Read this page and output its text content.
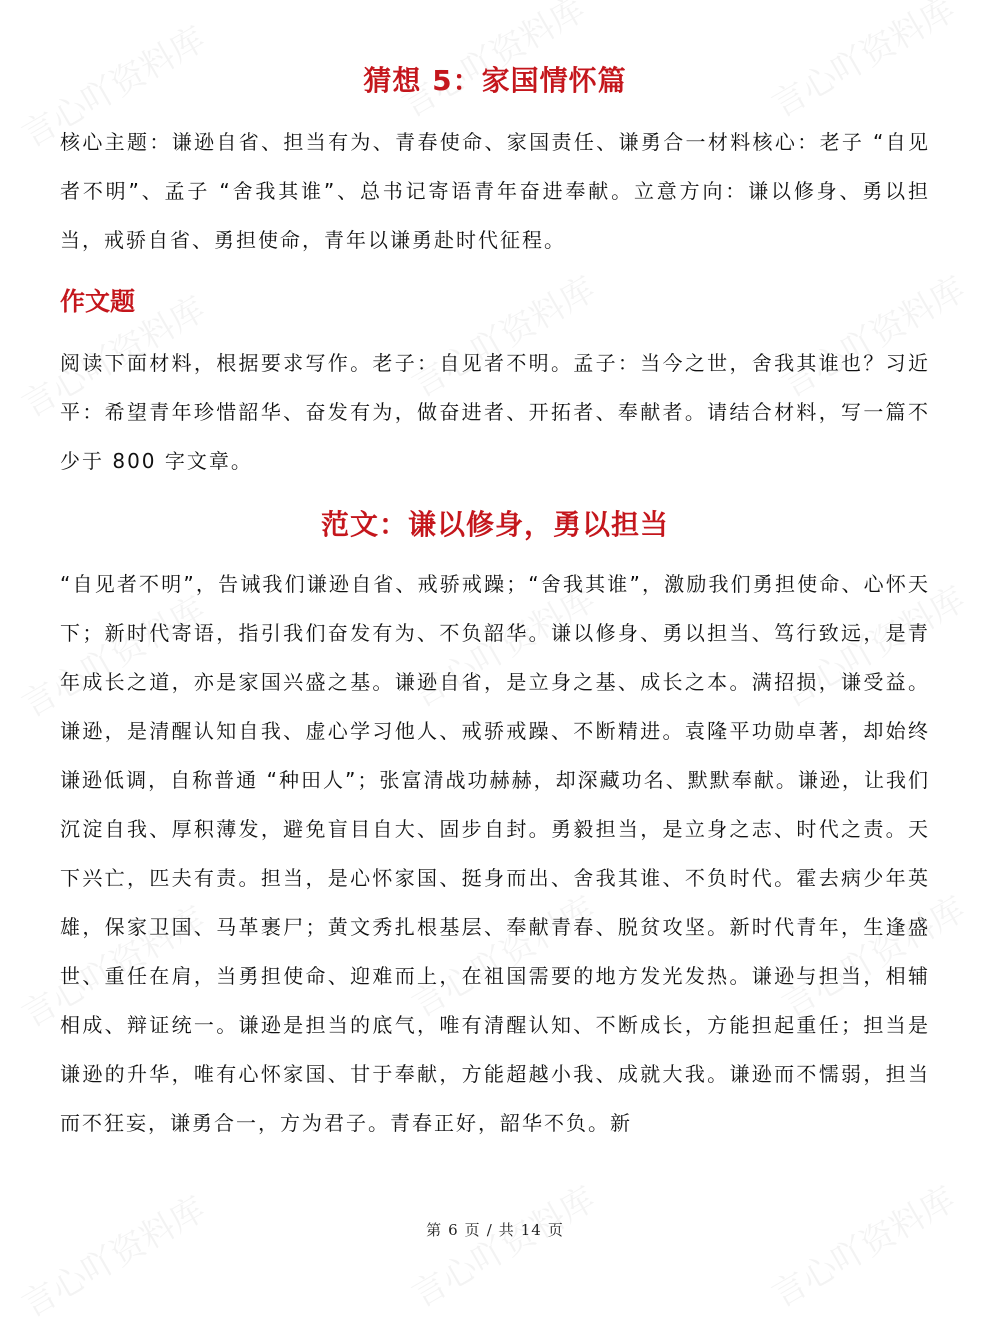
猜想 5：家国情怀篇
核心主题：谦逊自省、担当有为、青春使命、家国责任、谦勇合一材料核心：老子 “自见者不明”、孟子 “舍我其谁”、总书记寄语青年奋进奉献。立意方向：谦以修身、勇以担当，戒骄自省、勇担使命，青年以谦勇赴时代征程。
作文题
阅读下面材料，根据要求写作。老子：自见者不明。孟子：当今之世，舍我其谁也？习近平：希望青年珍惜韶华、奋发有为，做奋进者、开拓者、奉献者。请结合材料，写一篇不少于 800 字文章。
范文：谦以修身，勇以担当
“自见者不明”，告诫我们谦逊自省、戒骄戒躁；“舍我其谁”，激励我们勇担使命、心怀天下；新时代寄语，指引我们奋发有为、不负韶华。谦以修身、勇以担当、笃行致远，是青年成长之道，亦是家国兴盛之基。谦逊自省，是立身之基、成长之本。满招损，谦受益。谦逊，是清醒认知自我、虚心学习他人、戒骄戒躁、不断精进。袁隆平功勋卓著，却始终谦逊低调，自称普通 “种田人”；张富清战功赫赫，却深藏功名、默默奉献。谦逊，让我们沉淀自我、厚积薄发，避免盲目自大、固步自封。勇毅担当，是立身之志、时代之责。天下兴亡，匹夫有责。担当，是心怀家国、挺身而出、舍我其谁、不负时代。霍去病少年英雄，保家卫国、马革裹尸；黄文秀扎根基层、奉献青春、脱贫攻坚。新时代青年，生逢盛世、重任在肩，当勇担使命、迎难而上，在祖国需要的地方发光发热。谦逊与担当，相辅相成、辩证统一。谦逊是担当的底气，唯有清醒认知、不断成长，方能担起重任；担当是谦逊的升华，唯有心怀家国、甘于奉献，方能超越小我、成就大我。谦逊而不懦弱，担当而不狂妄，谦勇合一，方为君子。青春正好，韶华不负。新
第 6 页 / 共 14 页
